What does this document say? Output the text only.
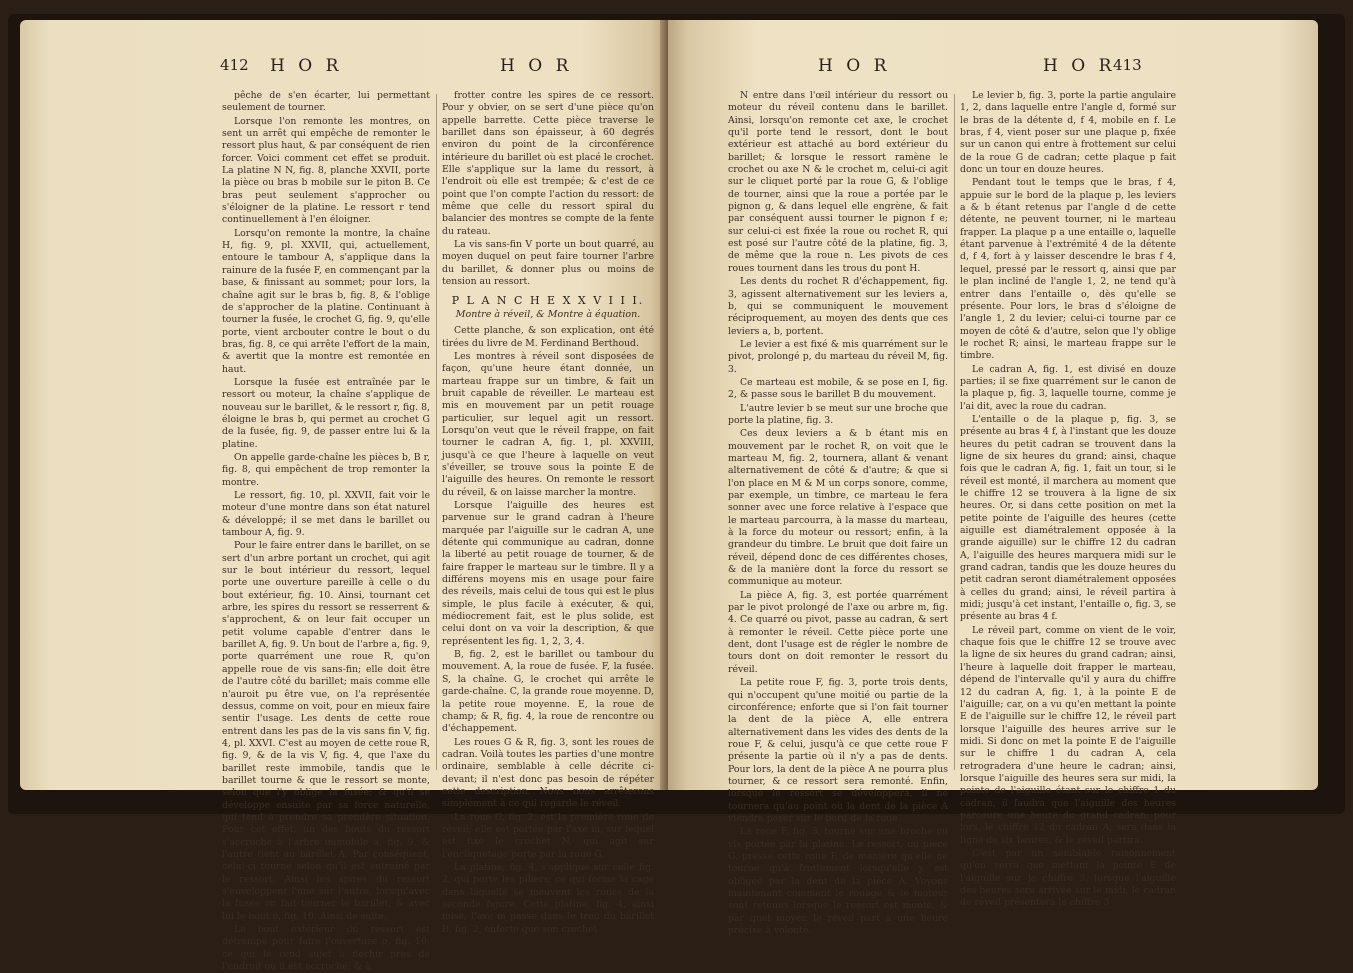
412 H O R	H O R

pêche de s'en écarter, lui permettant seulement de tourner.

Lorsque l'on remonte les montres, on sent un arrêt qui empêche de remonter le ressort plus haut, & par conséquent de rien forcer. Voici comment cet effet se produit. La platine N N, fig. 8, planche XXVII, porte la pièce ou bras b mobile sur le piton B. Ce bras peut seulement s'approcher ou s'éloigner de la platine. Le ressort r tend continuellement à l'en éloigner.

Lorsqu'on remonte la montre, la chaîne H, fig. 9, pl. XXVII, qui, actuellement, entoure le tambour A, s'applique dans la rainure de la fusée F, en commençant par la base, & finissant au sommet; pour lors, la chaîne agit sur le bras b, fig. 8, & l'oblige de s'approcher de la platine. Continuant à tourner la fusée, le crochet G, fig. 9, qu'elle porte, vient arcbouter contre le bout o du bras, fig. 8, ce qui arrête l'effort de la main, & avertit que la montre est remontée en haut.

Lorsque la fusée est entraînée par le ressort ou moteur, la chaîne s'applique de nouveau sur le barillet, & le ressort r, fig. 8, éloigne le bras b, qui permet au crochet G de la fusée, fig. 9, de passer entre lui & la platine.

On appelle garde-chaîne les pièces b, B r, fig. 8, qui empêchent de trop remonter la montre.

Le ressort, fig. 10, pl. XXVII, fait voir le moteur d'une montre dans son état naturel & développé; il se met dans le barillet ou tambour A, fig. 9.

Pour le faire entrer dans le barillet, on se sert d'un arbre portant un crochet, qui agit sur le bout intérieur du ressort, lequel porte une ouverture pareille à celle o du bout extérieur, fig. 10. Ainsi, tournant cet arbre, les spires du ressort se resserrent & s'approchent, & on leur fait occuper un petit volume capable d'entrer dans le barillet A, fig. 9. Un bout de l'arbre a, fig. 9, porte quarrément une roue R, qu'on appelle roue de vis sans-fin; elle doit être de l'autre côté du barillet; mais comme elle n'auroit pu être vue, on l'a représentée dessus, comme on voit, pour en mieux faire sentir l'usage. Les dents de cette roue entrent dans les pas de la vis sans fin V, fig. 4, pl. XXVI. C'est au moyen de cette roue R, fig. 9, & de la vis V, fig. 4, que l'axe du barillet reste immobile, tandis que le barillet tourne & que le ressort se monte, selon que l'y oblige la fusée; & qu'il se développe ensuite par sa force naturelle, qui tend à prendre sa première situation. Pour cet effet, un des bouts du ressort s'accroche à l'arbre immobile a, fig. 9, & l'autre tient au barillet A. Par conséquent, celui-ci tourne selon qu'il est entraîné par le ressort. Ainsi les spires du ressort s'enveloppent l'une sur l'autre, lorsqu'avec la fusée on fait tourner le barillet, & avec lui le bout o, fig. 10. Ainsi de suite.

Le bout extérieur du ressort est détrempé pour faire l'ouverture o, fig. 10; ce qui le rend sujet à fléchir près de l'endroit où il est accroché; & à

frotter contre les spires de ce ressort. Pour y obvier, on se sert d'une pièce qu'on appelle barrette. Cette pièce traverse le barillet dans son épaisseur, à 60 degrés environ du point de la circonférence intérieure du barillet où est placé le crochet. Elle s'applique sur la lame du ressort, à l'endroit où elle est trempée; & c'est de ce point que l'on compte l'action du ressort: de même que celle du ressort spiral du balancier des montres se compte de la fente du rateau.

La vis sans-fin V porte un bout quarré, au moyen duquel on peut faire tourner l'arbre du barillet, & donner plus ou moins de tension au ressort.

P L A N C H E X X V I I I.
Montre à réveil, & Montre à équation.

Cette planche, & son explication, ont été tirées du livre de M. Ferdinand Berthoud.

Les montres à réveil sont disposées de façon, qu'une heure étant donnée, un marteau frappe sur un timbre, & fait un bruit capable de réveiller. Le marteau est mis en mouvement par un petit rouage particulier, sur lequel agit un ressort. Lorsqu'on veut que le réveil frappe, on fait tourner le cadran A, fig. 1, pl. XXVIII, jusqu'à ce que l'heure à laquelle on veut s'éveiller, se trouve sous la pointe E de l'aiguille des heures. On remonte le ressort du réveil, & on laisse marcher la montre.

Lorsque l'aiguille des heures est parvenue sur le grand cadran à l'heure marquée par l'aiguille sur le cadran A, une détente qui communique au cadran, donne la liberté au petit rouage de tourner, & de faire frapper le marteau sur le timbre. Il y a différens moyens mis en usage pour faire des réveils, mais celui de tous qui est le plus simple, le plus facile à exécuter, & qui, médiocrement fait, est le plus solide, est celui dont on va voir la description, & que représentent les fig. 1, 2, 3, 4.

B, fig. 2, est le barillet ou tambour du mouvement. A, la roue de fusée. F, la fusée. S, la chaîne. G, le crochet qui arrête le garde-chaîne. C, la grande roue moyenne. D, la petite roue moyenne. E, la roue de champ; & R, fig. 4, la roue de rencontre ou d'échappement.

Les roues G & R, fig. 3, sont les roues de cadran. Voilà toutes les parties d'une montre ordinaire, semblable à celle décrite ci-devant; il n'est donc pas besoin de répéter cette description. Nous nous arrêterons simplement à ce qui regarde le réveil.

La roue G, fig. 2, est la première roue de réveil; elle est portée par l'axe m, sur lequel est fixé le crochet N, qui agit sur l'encliquetage porté par la roue G.

La platine, fig. 4, s'applique sur celle fig. 2, qui porte les piliers; ce qui forme la cage dans laquelle se meuvent les roues de la seconde figure. Cette platine, fig. 4, ainsi mise, l'axe m passe dans le trou du barillet B, fig. 2, enforte que son crochet

H O R	H O R
413

N entre dans l'œil intérieur du ressort ou moteur du réveil contenu dans le barillet. Ainsi, lorsqu'on remonte cet axe, le crochet qu'il porte tend le ressort, dont le bout extérieur est attaché au bord extérieur du barillet; & lorsque le ressort ramène le crochet ou axe N & le crochet m, celui-ci agit sur le cliquet porté par la roue G, & l'oblige de tourner, ainsi que la roue a portée par le pignon g, & dans lequel elle engrène, & fait par conséquent aussi tourner le pignon f e; sur celui-ci est fixée la roue ou rochet R, qui est posé sur l'autre côté de la platine, fig. 3, de même que la roue n. Les pivots de ces roues tournent dans les trous du pont H.

Les dents du rochet R d'échappement, fig. 3, agissent alternativement sur les leviers a, b, qui se communiquent le mouvement réciproquement, au moyen des dents que ces leviers a, b, portent.

Le levier a est fixé & mis quarrément sur le pivot, prolongé p, du marteau du réveil M, fig. 3.

Ce marteau est mobile, & se pose en I, fig. 2, & passe sous le barillet B du mouvement.

L'autre levier b se meut sur une broche que porte la platine, fig. 3.

Ces deux leviers a & b étant mis en mouvement par le rochet R, on voit que le marteau M, fig. 2, tournera, allant & venant alternativement de côté & d'autre; & que si l'on place en M & M un corps sonore, comme, par exemple, un timbre, ce marteau le fera sonner avec une force relative à l'espace que le marteau parcourra, à la masse du marteau, à la force du moteur ou ressort; enfin, à la grandeur du timbre. Le bruit que doit faire un réveil, dépend donc de ces différentes choses, & de la manière dont la force du ressort se communique au moteur.

La pièce A, fig. 3, est portée quarrément par le pivot prolongé de l'axe ou arbre m, fig. 4. Ce quarré ou pivot, passe au cadran, & sert à remonter le réveil. Cette pièce porte une dent, dont l'usage est de régler le nombre de tours dont on doit remonter le ressort du réveil.

La petite roue F, fig. 3, porte trois dents, qui n'occupent qu'une moitié ou partie de la circonférence; enforte que si l'on fait tourner la dent de la pièce A, elle entrera alternativement dans les vides des dents de la roue F, & celui, jusqu'à ce que cette roue F présente la partie où il n'y a pas de dents. Pour lors, la dent de la pièce A ne pourra plus tourner, & ce ressort sera remonté. Enfin, lorsque le ressort se développera, il ne tournera qu'au point où la dent de la pièce A viendra poser sur le bord de la roue.

La roue F, fig. 3, tourne sur une broche ou vis portée par la platine. Le ressort, ou pièce G, presse cette roue F, de manière qu'elle ne tourne qu'à frottement lorsqu'elle y est obligée par la dent de la pièce A. Voyons maintenant comment le rouage & le moteur sont retenus lorsque le ressort est monté, & par quel moyen le réveil part à une heure précise à volonté.

Le levier b, fig. 3, porte la partie angulaire 1, 2, dans laquelle entre l'angle d, formé sur le bras de la détente d, f 4, mobile en f. Le bras, f 4, vient poser sur une plaque p, fixée sur un canon qui entre à frottement sur celui de la roue G de cadran; cette plaque p fait donc un tour en douze heures.

Pendant tout le temps que le bras, f 4, appuie sur le bord de la plaque p, les leviers a & b étant retenus par l'angle d de cette détente, ne peuvent tourner, ni le marteau frapper. La plaque p a une entaille o, laquelle étant parvenue à l'extrémité 4 de la détente d, f 4, fort à y laisser descendre le bras f 4, lequel, pressé par le ressort q, ainsi que par le plan incliné de l'angle 1, 2, ne tend qu'à entrer dans l'entaille o, dès qu'elle se présente. Pour lors, le bras d s'éloigne de l'angle 1, 2 du levier; celui-ci tourne par ce moyen de côté & d'autre, selon que l'y oblige le rochet R; ainsi, le marteau frappe sur le timbre.

Le cadran A, fig. 1, est divisé en douze parties; il se fixe quarrément sur le canon de la plaque p, fig. 3, laquelle tourne, comme je l'ai dit, avec la roue du cadran.

L'entaille o de la plaque p, fig. 3, se présente au bras 4 f, à l'instant que les douze heures du petit cadran se trouvent dans la ligne de six heures du grand; ainsi, chaque fois que le cadran A, fig. 1, fait un tour, si le réveil est monté, il marchera au moment que le chiffre 12 se trouvera à la ligne de six heures. Or, si dans cette position on met la petite pointe de l'aiguille des heures (cette aiguille est diamétralement opposée à la grande aiguille) sur le chiffre 12 du cadran A, l'aiguille des heures marquera midi sur le grand cadran, tandis que les douze heures du petit cadran seront diamétralement opposées à celles du grand; ainsi, le réveil partira à midi; jusqu'à cet instant, l'entaille o, fig. 3, se présente au bras 4 f.

Le réveil part, comme on vient de le voir, chaque fois que le chiffre 12 se trouve avec la ligne de six heures du grand cadran; ainsi, l'heure à laquelle doit frapper le marteau, dépend de l'intervalle qu'il y aura du chiffre 12 du cadran A, fig. 1, à la pointe E de l'aiguille; car, on a vu qu'en mettant la pointe E de l'aiguille sur le chiffre 12, le réveil part lorsque l'aiguille des heures arrive sur le midi. Si donc on met la pointe E de l'aiguille sur le chiffre 1 du cadran A, cela retrogradera d'une heure le cadran; ainsi, lorsque l'aiguille des heures sera sur midi, la pointe de l'aiguille étant sur le chiffre 1 du cadran, il faudra que l'aiguille des heures parcoure une heure du grand cadran; pour lors, le chiffre 12 du cadran A, sera dans la ligne de six heures, & le réveil partira.

C'est par un semblable raisonnement qu'on verra que mettant la pointe E de l'aiguille sur le chiffre 3, lorsque l'aiguille des heures sera arrivée sur le midi, le cadran de réveil présentera le chiffre 3
